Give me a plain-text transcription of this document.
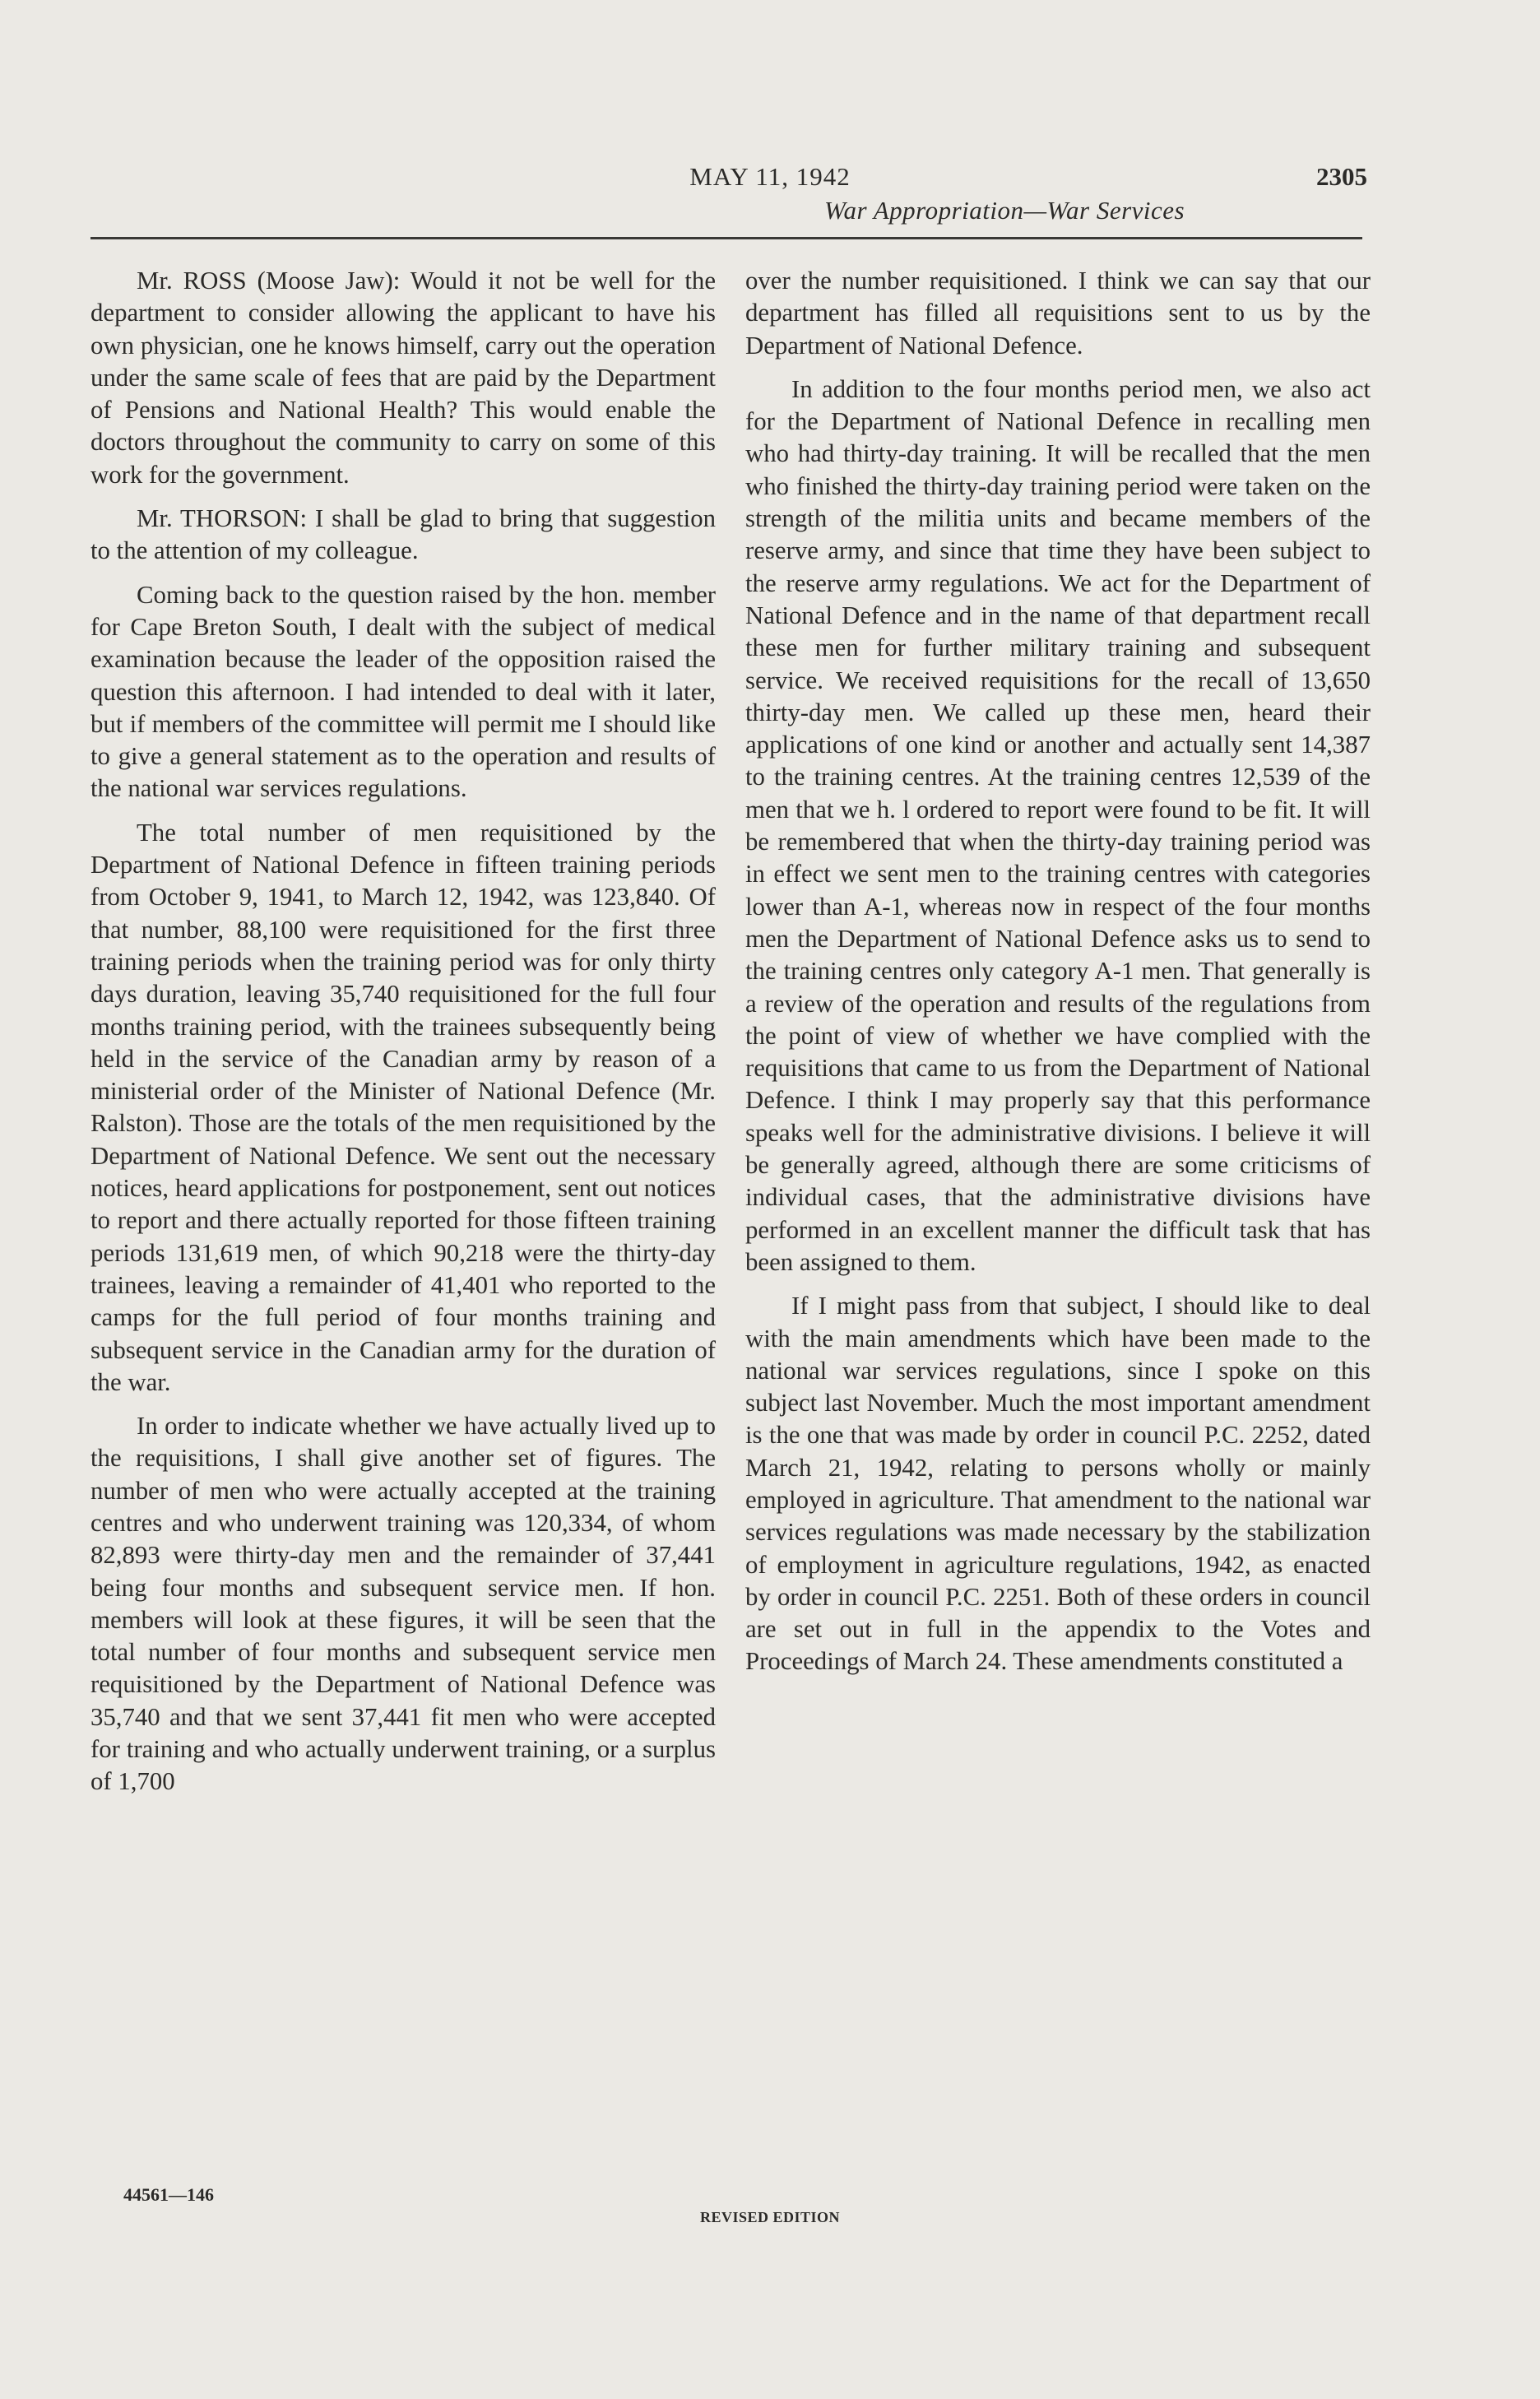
MAY 11, 1942	2305
War Appropriation—War Services

Mr. ROSS (Moose Jaw): Would it not be well for the department to consider allowing the applicant to have his own physician, one he knows himself, carry out the operation under the same scale of fees that are paid by the Department of Pensions and National Health? This would enable the doctors throughout the community to carry on some of this work for the government.

Mr. THORSON: I shall be glad to bring that suggestion to the attention of my colleague.

Coming back to the question raised by the hon. member for Cape Breton South, I dealt with the subject of medical examination because the leader of the opposition raised the question this afternoon. I had intended to deal with it later, but if members of the committee will permit me I should like to give a general statement as to the operation and results of the national war services regulations.

The total number of men requisitioned by the Department of National Defence in fifteen training periods from October 9, 1941, to March 12, 1942, was 123,840. Of that number, 88,100 were requisitioned for the first three training periods when the training period was for only thirty days duration, leaving 35,740 requisitioned for the full four months training period, with the trainees subsequently being held in the service of the Canadian army by reason of a ministerial order of the Minister of National Defence (Mr. Ralston). Those are the totals of the men requisitioned by the Department of National Defence. We sent out the necessary notices, heard applications for postponement, sent out notices to report and there actually reported for those fifteen training periods 131,619 men, of which 90,218 were the thirty-day trainees, leaving a remainder of 41,401 who reported to the camps for the full period of four months training and subsequent service in the Canadian army for the duration of the war.

In order to indicate whether we have actually lived up to the requisitions, I shall give another set of figures. The number of men who were actually accepted at the training centres and who underwent training was 120,334, of whom 82,893 were thirty-day men and the remainder of 37,441 being four months and subsequent service men. If hon. members will look at these figures, it will be seen that the total number of four months and subsequent service men requisitioned by the Department of National Defence was 35,740 and that we sent 37,441 fit men who were accepted for training and who actually underwent training, or a surplus of 1,700

over the number requisitioned. I think we can say that our department has filled all requisitions sent to us by the Department of National Defence.

In addition to the four months period men, we also act for the Department of National Defence in recalling men who had thirty-day training. It will be recalled that the men who finished the thirty-day training period were taken on the strength of the militia units and became members of the reserve army, and since that time they have been subject to the reserve army regulations. We act for the Department of National Defence and in the name of that department recall these men for further military training and subsequent service. We received requisitions for the recall of 13,650 thirty-day men. We called up these men, heard their applications of one kind or another and actually sent 14,387 to the training centres. At the training centres 12,539 of the men that we h. l ordered to report were found to be fit. It will be remembered that when the thirty-day training period was in effect we sent men to the training centres with categories lower than A-1, whereas now in respect of the four months men the Department of National Defence asks us to send to the training centres only category A-1 men. That generally is a review of the operation and results of the regulations from the point of view of whether we have complied with the requisitions that came to us from the Department of National Defence. I think I may properly say that this performance speaks well for the administrative divisions. I believe it will be generally agreed, although there are some criticisms of individual cases, that the administrative divisions have performed in an excellent manner the difficult task that has been assigned to them.

If I might pass from that subject, I should like to deal with the main amendments which have been made to the national war services regulations, since I spoke on this subject last November. Much the most important amendment is the one that was made by order in council P.C. 2252, dated March 21, 1942, relating to persons wholly or mainly employed in agriculture. That amendment to the national war services regulations was made necessary by the stabilization of employment in agriculture regulations, 1942, as enacted by order in council P.C. 2251. Both of these orders in council are set out in full in the appendix to the Votes and Proceedings of March 24. These amendments constituted a

44561—146
REVISED EDITION
